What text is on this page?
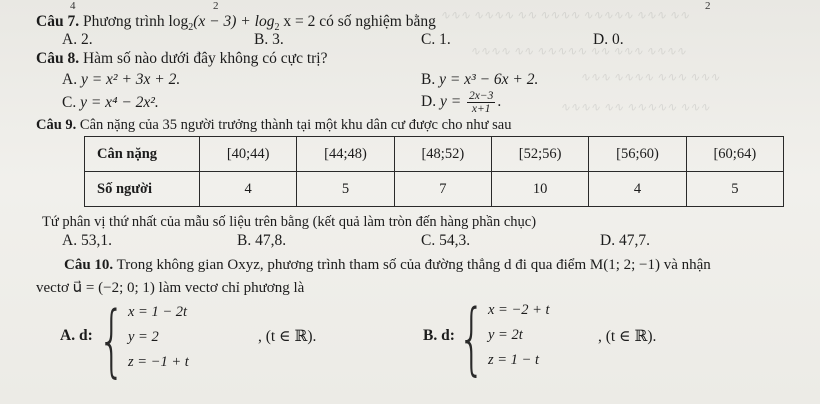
∿∿∿ ∿∿∿∿ ∿∿ ∿∿∿∿ ∿∿∿∿∿ ∿∿∿ ∿∿
∿∿∿∿ ∿∿ ∿∿∿∿∿ ∿∿ ∿∿∿ ∿∿∿∿
∿∿∿ ∿∿∿∿ ∿∿∿ ∿∿∿
∿∿∿∿ ∿∿ ∿∿∿∿∿ ∿∿∿
4	2	2
Câu 7. Phương trình $\log_2(x - 3) + \log_2 x = 2$ có số nghiệm bằng
A. 2.	B. 3.	C. 1.	D. 0.
Câu 8. Hàm số nào dưới đây không có cực trị?
A. y = x² + 3x + 2.	B. y = x³ − 6x + 2.
C. y = x⁴ − 2x².	D. $y = \frac{2x-3}{x+1}$ .
Câu 9. Cân nặng của 35 người trưởng thành tại một khu dân cư được cho như sau
Cân nặng	[40;44)	[44;48)	[48;52)	[52;56)	[56;60)	[60;64)
Số người	4	5	7	10	4	5
Tứ phân vị thứ nhất của mẫu số liệu trên bằng (kết quả làm tròn đến hàng phần chục)
A. 53,1.	B. 47,8.	C. 54,3.	D. 47,7.
Câu 10. Trong không gian Oxyz, phương trình tham số của đường thẳng d đi qua điểm M(1; 2; −1) và nhận
vectơ u⃗ = (−2; 0; 1) làm vectơ chỉ phương là
A. d: { x = 1 − 2t
y = 2
z = −1 + t
, (t ∈ ℝ).	B. d: { x = −2 + t
y = 2t
z = 1 − t
, (t ∈ ℝ).
